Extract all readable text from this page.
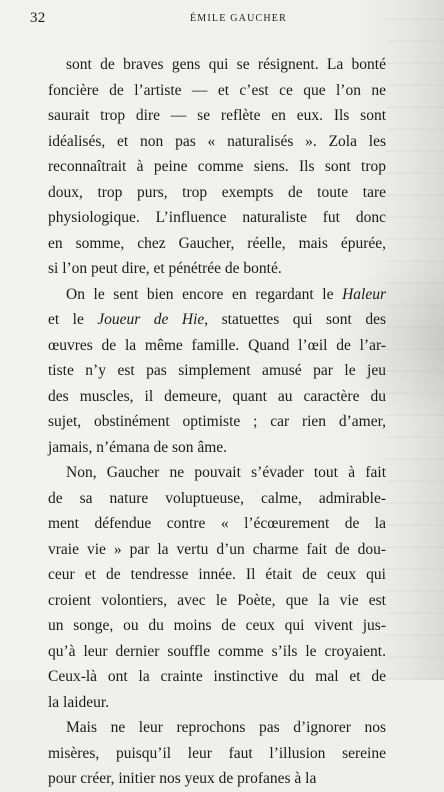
32	ÉMILE GAUCHER
sont de braves gens qui se résignent. La bonté
foncière de l’artiste — et c’est ce que l’on ne
saurait trop dire — se reflète en eux. Ils sont
idéalisés, et non pas « naturalisés ». Zola les
reconnaîtrait à peine comme siens. Ils sont trop
doux, trop purs, trop exempts de toute tare
physiologique. L’influence naturaliste fut donc
en somme, chez Gaucher, réelle, mais épurée,
si l’on peut dire, et pénétrée de bonté.
On le sent bien encore en regardant le Haleur
et le Joueur de Hie, statuettes qui sont des
œuvres de la même famille. Quand l’œil de l’ar-
tiste n’y est pas simplement amusé par le jeu
des muscles, il demeure, quant au caractère du
sujet, obstinément optimiste ; car rien d’amer,
jamais, n’émana de son âme.
Non, Gaucher ne pouvait s’évader tout à fait
de sa nature voluptueuse, calme, admirable-
ment défendue contre « l’écœurement de la
vraie vie » par la vertu d’un charme fait de dou-
ceur et de tendresse innée. Il était de ceux qui
croient volontiers, avec le Poète, que la vie est
un songe, ou du moins de ceux qui vivent jus-
qu’à leur dernier souffle comme s’ils le croyaient.
Ceux-là ont la crainte instinctive du mal et de
la laideur.
Mais ne leur reprochons pas d’ignorer nos
misères, puisqu’il leur faut l’illusion sereine
pour créer, initier nos yeux de profanes à la
